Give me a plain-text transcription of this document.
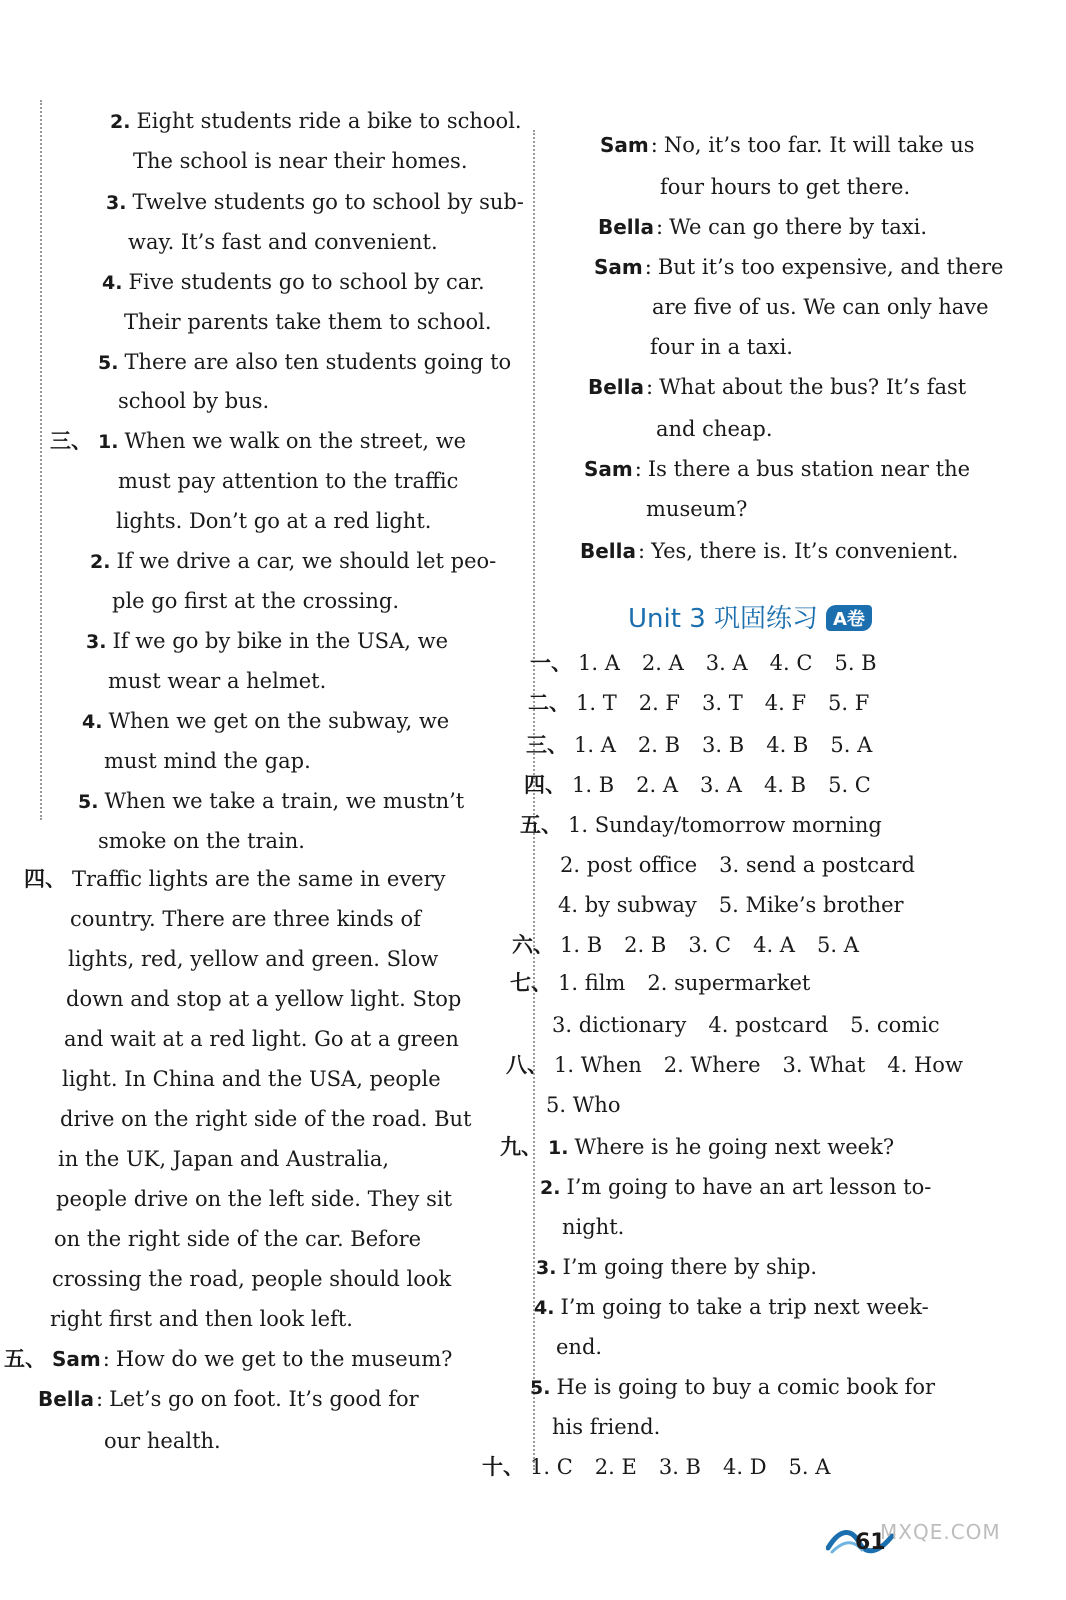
2. Eight students ride a bike to school.
The school is near their homes.
3. Twelve students go to school by sub-
way. It’s fast and convenient.
4. Five students go to school by car.
Their parents take them to school.
5. There are also ten students going to
school by bus.
三、 1. When we walk on the street, we
must pay attention to the traffic
lights. Don’t go at a red light.
2. If we drive a car, we should let peo-
ple go first at the crossing.
3. If we go by bike in the USA, we
must wear a helmet.
4. When we get on the subway, we
must mind the gap.
5. When we take a train, we mustn’t
smoke on the train.
四、 Traffic lights are the same in every
country. There are three kinds of
lights, red, yellow and green. Slow
down and stop at a yellow light. Stop
and wait at a red light. Go at a green
light. In China and the USA, people
drive on the right side of the road. But
in the UK, Japan and Australia,
people drive on the left side. They sit
on the right side of the car. Before
crossing the road, people should look
right first and then look left.
五、 Sam: How do we get to the museum?
Bella: Let’s go on foot. It’s good for
our health.
Sam: No, it’s too far. It will take us
four hours to get there.
Bella: We can go there by taxi.
Sam: But it’s too expensive, and there
are five of us. We can only have
four in a taxi.
Bella: What about the bus? It’s fast
and cheap.
Sam: Is there a bus station near the
museum?
Bella: Yes, there is. It’s convenient.
Unit 3 巩固练习 A卷
一、 1. A 2. A 3. A 4. C 5. B
二、 1. T 2. F 3. T 4. F 5. F
三、 1. A 2. B 3. B 4. B 5. A
四、 1. B 2. A 3. A 4. B 5. C
五、 1. Sunday/tomorrow morning
2. post office 3. send a postcard
4. by subway 5. Mike’s brother
六、 1. B 2. B 3. C 4. A 5. A
七、 1. film 2. supermarket
3. dictionary 4. postcard 5. comic
八、 1. When 2. Where 3. What 4. How
5. Who
九、 1. Where is he going next week?
2. I’m going to have an art lesson to-
night.
3. I’m going there by ship.
4. I’m going to take a trip next week-
end.
5. He is going to buy a comic book for
his friend.
十、 1. C 2. E 3. B 4. D 5. A
61
MXQE.COM
